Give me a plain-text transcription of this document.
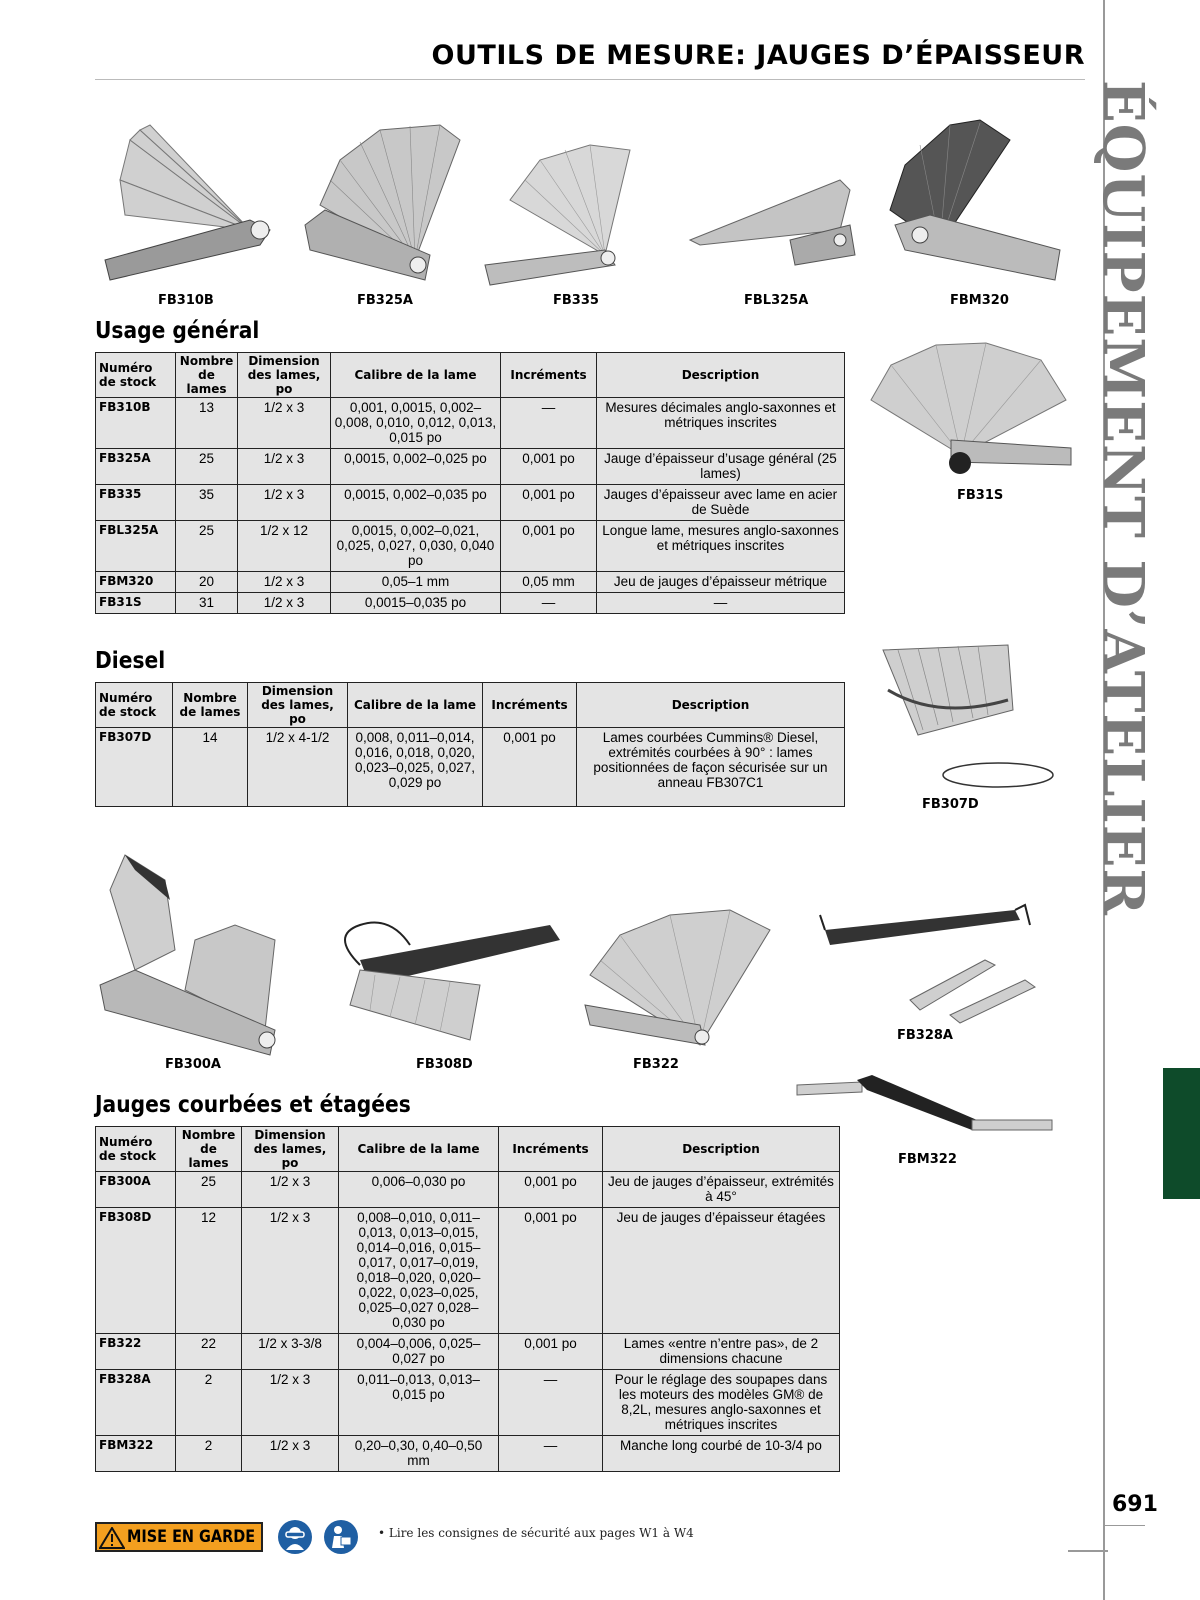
OUTILS DE MESURE: JAUGES D’ÉPAISSEUR
ÉQUIPEMENT D’ATELIER
691
FB310B	FB325A	FB335	FBL325A	FBM320
Usage général
Numéro de stock	Nombre de lames	Dimension des lames, po	Calibre de la lame	Incréments	Description
FB310B	13	1/2 x 3	0,001, 0,0015, 0,002–0,008, 0,010, 0,012, 0,013, 0,015 po	—	Mesures décimales anglo-saxonnes et métriques inscrites
FB325A	25	1/2 x 3	0,0015, 0,002–0,025 po	0,001 po	Jauge d’épaisseur d’usage général (25 lames)
FB335	35	1/2 x 3	0,0015, 0,002–0,035 po	0,001 po	Jauges d’épaisseur avec lame en acier de Suède
FBL325A	25	1/2 x 12	0,0015, 0,002–0,021, 0,025, 0,027, 0,030, 0,040 po	0,001 po	Longue lame, mesures anglo-saxonnes et métriques inscrites
FBM320	20	1/2 x 3	0,05–1 mm	0,05 mm	Jeu de jauges d’épaisseur métrique
FB31S	31	1/2 x 3	0,0015–0,035 po	—	—
FB31S
Diesel
Numéro de stock	Nombre de lames	Dimension des lames, po	Calibre de la lame	Incréments	Description
FB307D	14	1/2 x 4-1/2	0,008, 0,011–0,014, 0,016, 0,018, 0,020, 0,023–0,025, 0,027, 0,029 po	0,001 po	Lames courbées Cummins® Diesel, extrémités courbées à 90° : lames positionnées de façon sécurisée sur un anneau FB307C1
FB307D
FB300A	FB308D	FB322
FB328A
FBM322
Jauges courbées et étagées
Numéro de stock	Nombre de lames	Dimension des lames, po	Calibre de la lame	Incréments	Description
FB300A	25	1/2 x 3	0,006–0,030 po	0,001 po	Jeu de jauges d’épaisseur, extrémités à 45°
FB308D	12	1/2 x 3	0,008–0,010, 0,011–0,013, 0,013–0,015, 0,014–0,016, 0,015–0,017, 0,017–0,019, 0,018–0,020, 0,020–0,022, 0,023–0,025, 0,025–0,027 0,028–0,030 po	0,001 po	Jeu de jauges d’épaisseur étagées
FB322	22	1/2 x 3-3/8	0,004–0,006, 0,025–0,027 po	0,001 po	Lames «entre n’entre pas», de 2 dimensions chacune
FB328A	2	1/2 x 3	0,011–0,013, 0,013–0,015 po	—	Pour le réglage des soupapes dans les moteurs des modèles GM® de 8,2L, mesures anglo-saxonnes et métriques inscrites
FBM322	2	1/2 x 3	0,20–0,30, 0,40–0,50 mm	—	Manche long courbé de 10-3/4 po
MISE EN GARDE	• Lire les consignes de sécurité aux pages W1 à W4
